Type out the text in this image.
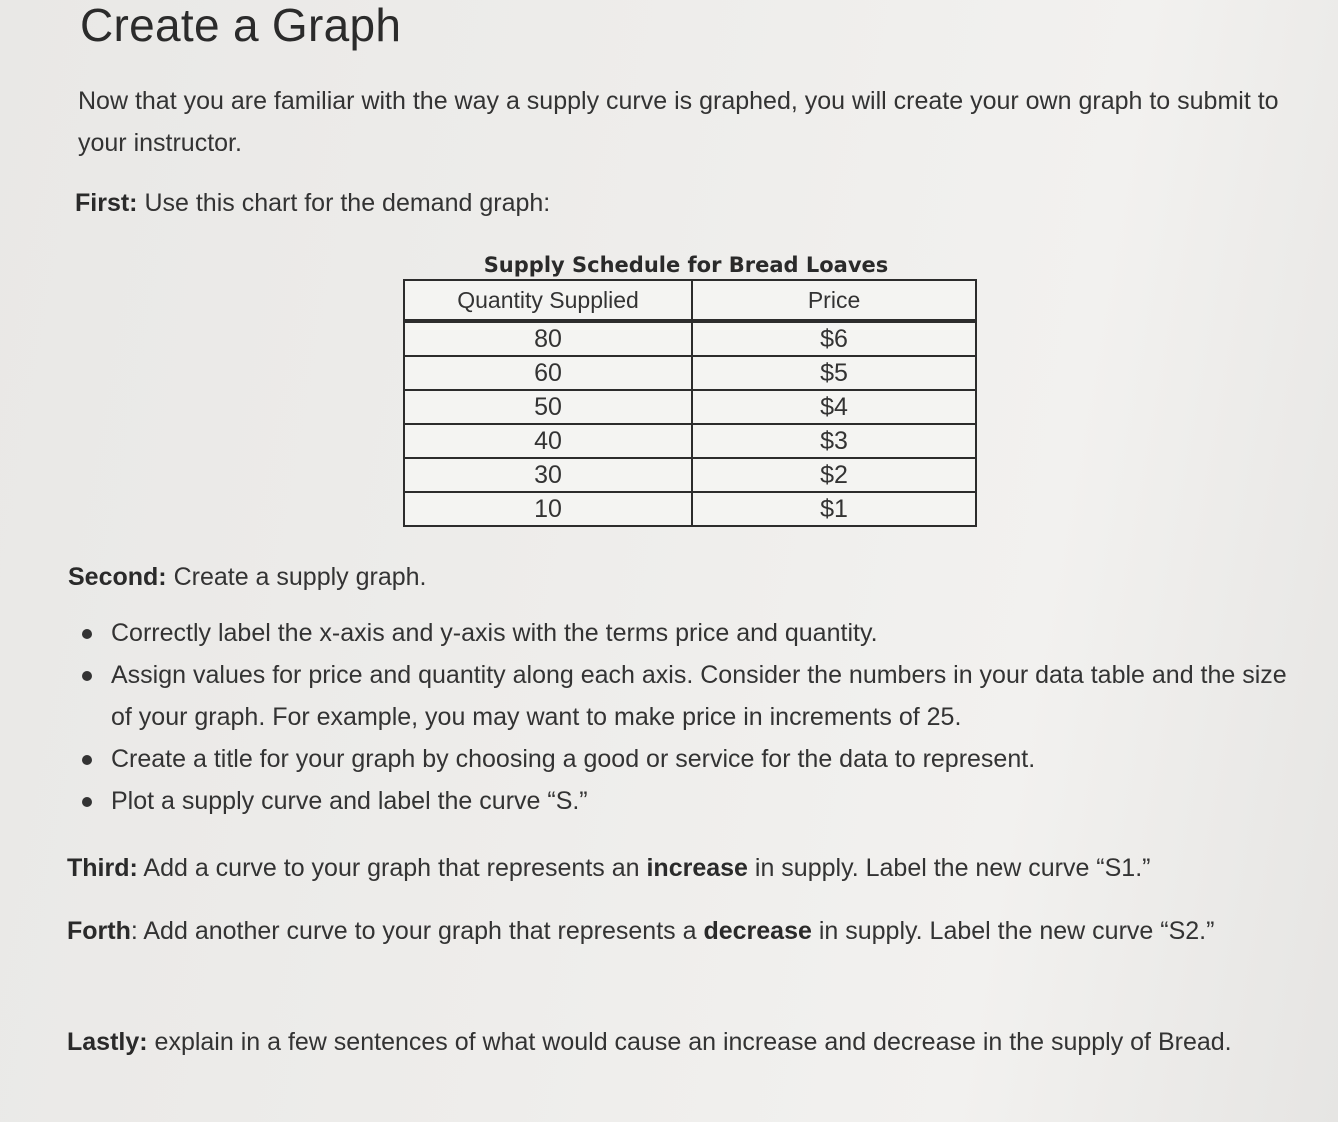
Create a Graph

Now that you are familiar with the way a supply curve is graphed, you will create your own graph to submit to your instructor.

First: Use this chart for the demand graph:

Supply Schedule for Bread Loaves
Quantity Supplied	Price
80	$6
60	$5
50	$4
40	$3
30	$2
10	$1

Second: Create a supply graph.

Correctly label the x-axis and y-axis with the terms price and quantity.
Assign values for price and quantity along each axis. Consider the numbers in your data table and the size of your graph. For example, you may want to make price in increments of 25.
Create a title for your graph by choosing a good or service for the data to represent.
Plot a supply curve and label the curve “S.”

Third: Add a curve to your graph that represents an increase in supply. Label the new curve “S1.”

Forth: Add another curve to your graph that represents a decrease in supply. Label the new curve “S2.”

Lastly: explain in a few sentences of what would cause an increase and decrease in the supply of Bread.
